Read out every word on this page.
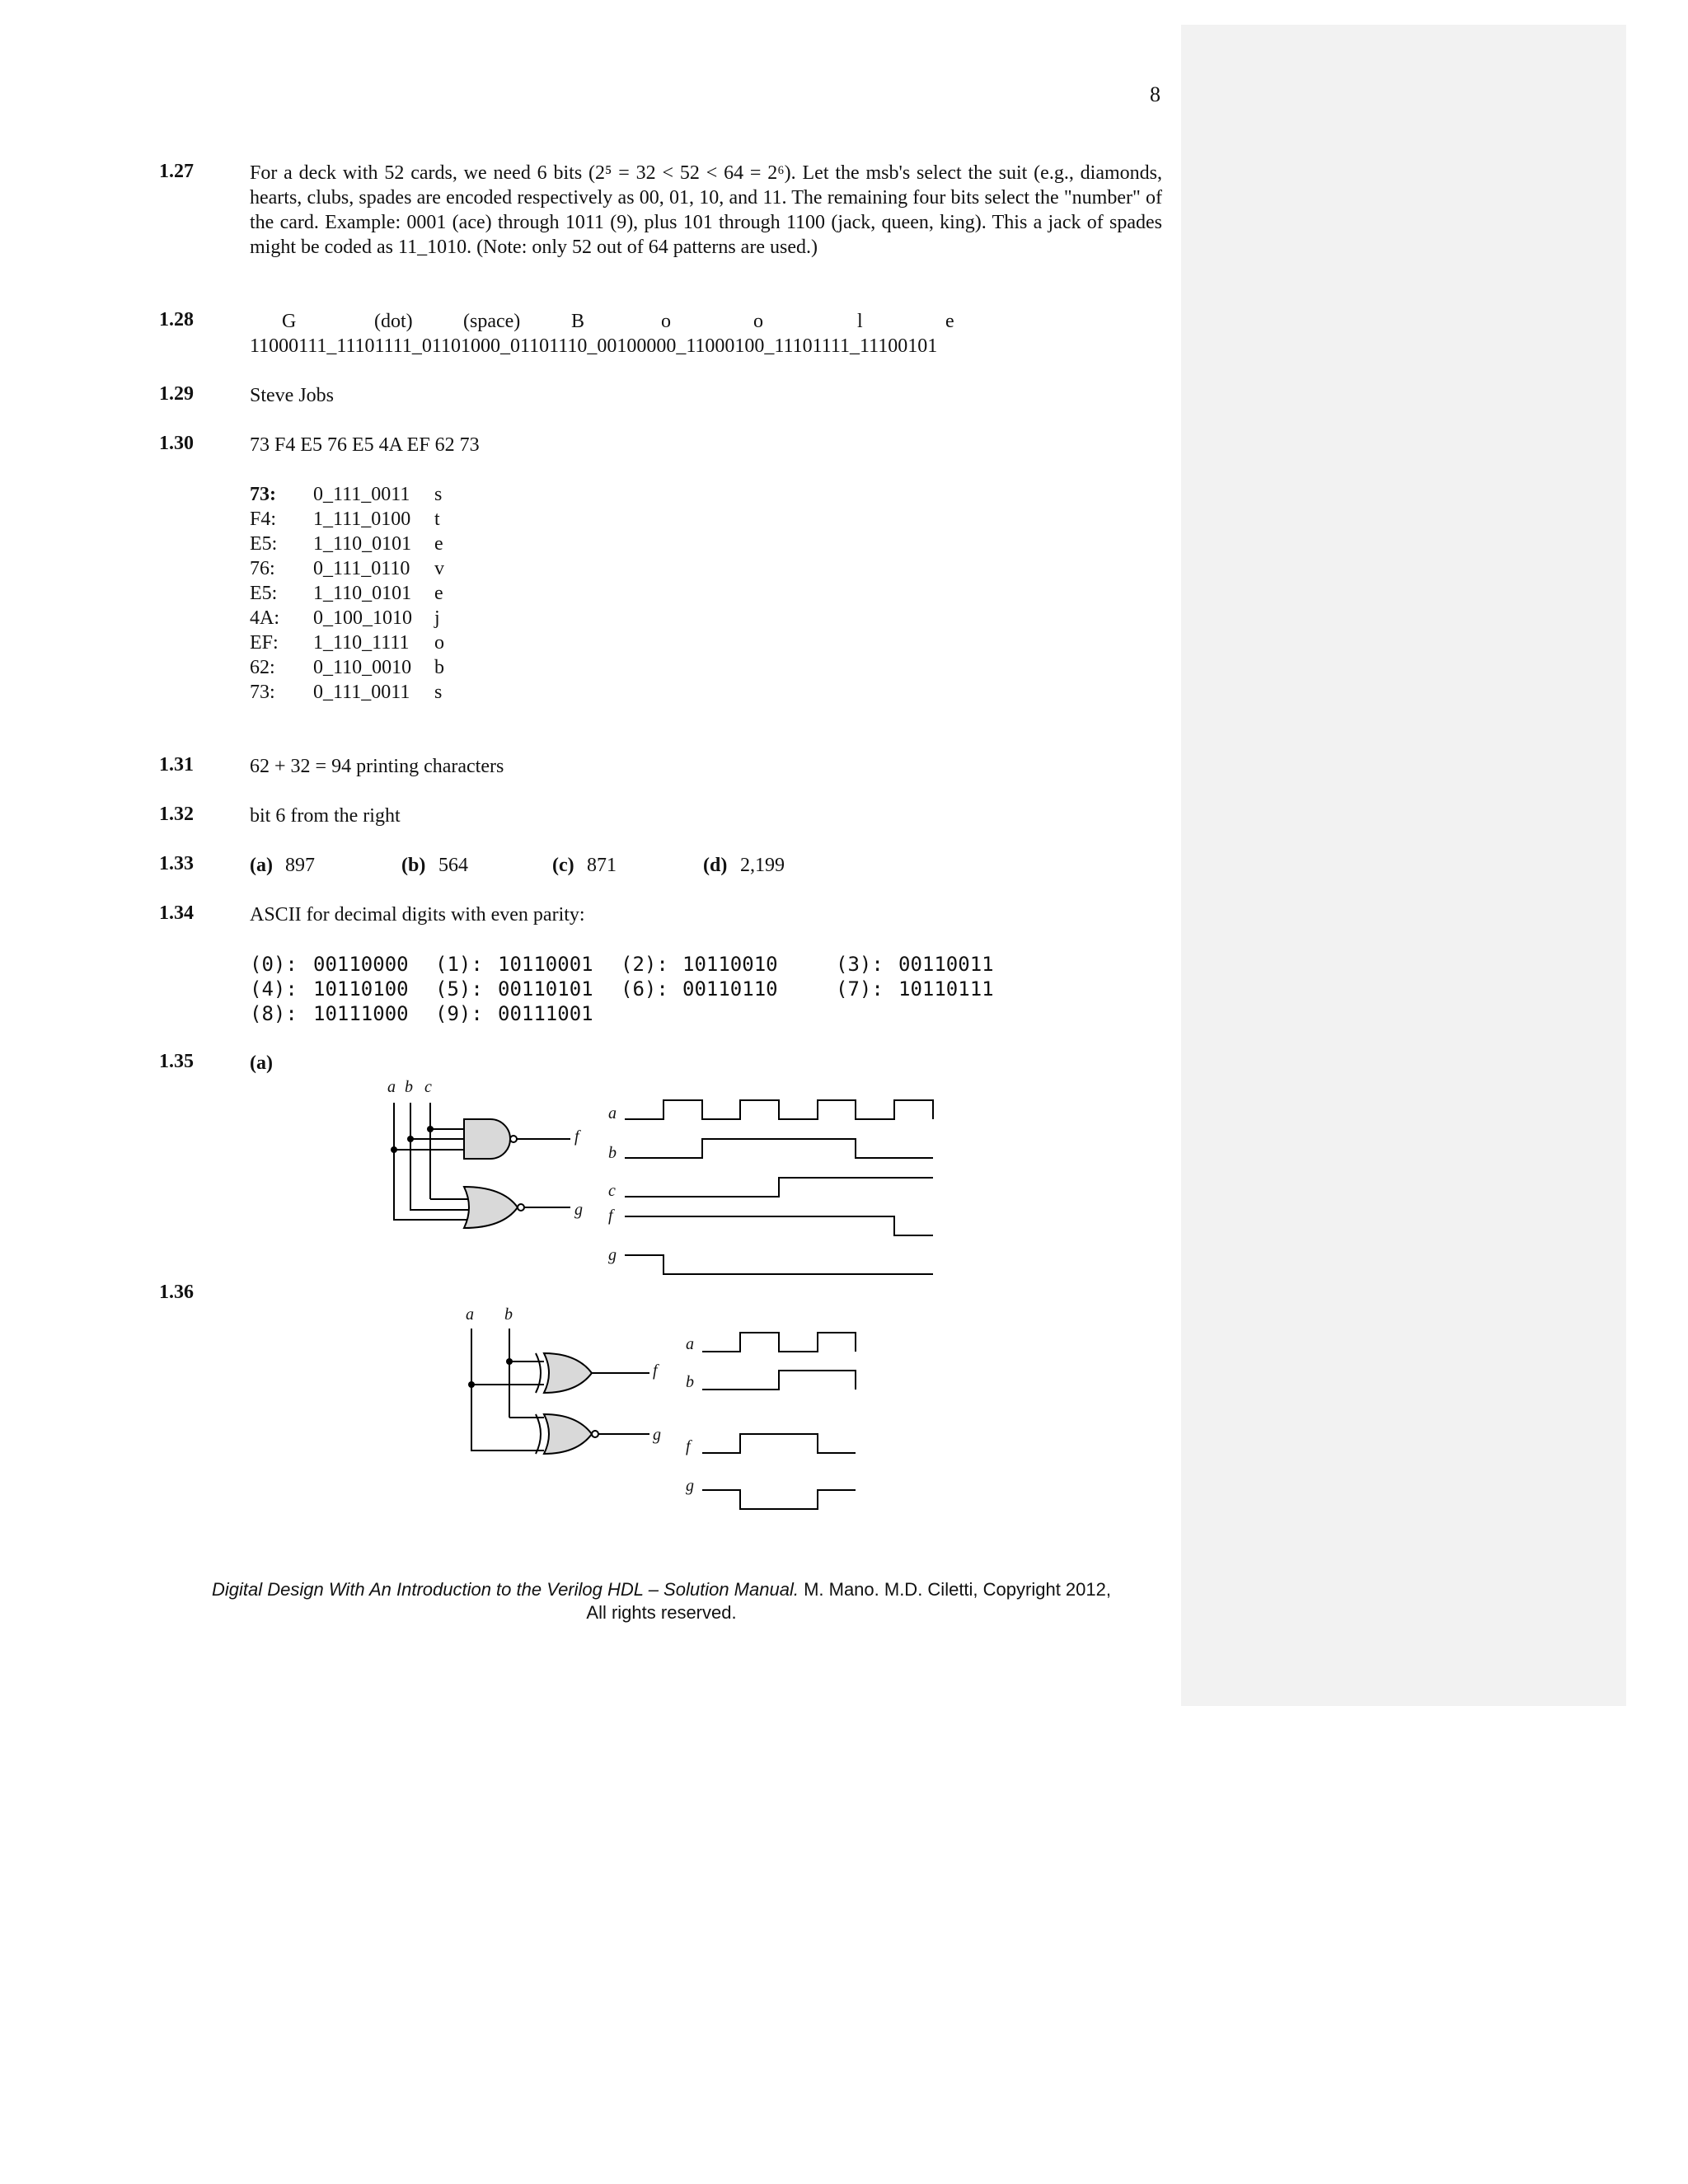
8
1.27	For a deck with 52 cards, we need 6 bits (2⁵ = 32 < 52 < 64 = 2⁶). Let the msb's select the suit (e.g., diamonds, hearts, clubs, spades are encoded respectively as 00, 01, 10, and 11. The remaining four bits select the "number" of the card. Example: 0001 (ace) through 1011 (9), plus 101 through 1100 (jack, queen, king). This a jack of spades might be coded as 11_1010. (Note: only 52 out of 64 patterns are used.)
1.28	G	(dot)	(space)	B	o	o	l	e
11000111_11101111_01101000_01101110_00100000_11000100_11101111_11100101
1.29	Steve Jobs
1.30	73 F4 E5 76 E5 4A EF 62 73
73: 0_111_0011 s
F4: 1_111_0100 t
E5: 1_110_0101 e
76: 0_111_0110 v
E5: 1_110_0101 e
4A: 0_100_1010 j
EF: 1_110_1111 o
62: 0_110_0010 b
73: 0_111_0011 s
1.31	62 + 32 = 94 printing characters
1.32	bit 6 from the right
1.33	(a) 897	(b) 564	(c) 871	(d) 2,199
1.34	ASCII for decimal digits with even parity:
(0): 00110000 (1): 10110001 (2): 10110010	(3): 00110011
(4): 10110100 (5): 00110101 (6): 00110110	(7): 10110111
(8): 10111000 (9): 00111001
1.35	(a)
1.36
a b c
f
g
a
b
c
f
g
a b
f
g
a
b
f
g
Digital Design With An Introduction to the Verilog HDL – Solution Manual. M. Mano. M.D. Ciletti, Copyright 2012,
All rights reserved.
